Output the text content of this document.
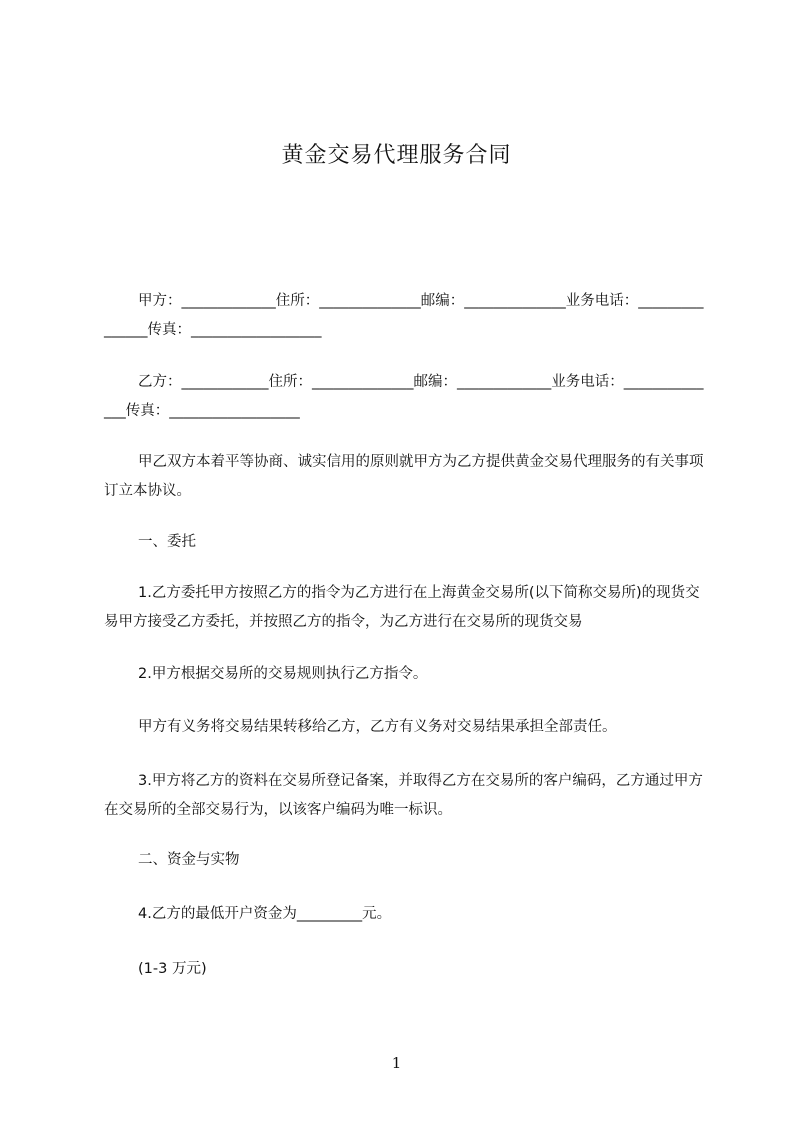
黄金交易代理服务合同
甲方：_____________住所：__​____________邮编：______________业务电话：_______________传真：__________________
乙方：____________住所：______________邮编：_____________业务电话：______________传真：__________________
甲乙双方本着平等协商、诚实信用的原则就甲方为乙方提供黄金交易代理服务的有关事项订立本协议。
一、委托
1.乙方委托甲方按照乙方的指令为乙方进行在上海黄金交易所(以下简称交易所)的现货交易甲方接受乙方委托，并按照乙方的指令，为乙方进行在交易所的现货交易
2.甲方根据交易所的交易规则执行乙方指令。
甲方有义务将交易结果转移给乙方，乙方有义务对交易结果承担全部责任。
3.甲方将乙方的资料在交易所登记备案，并取得乙方在交易所的客户编码，乙方通过甲方在交易所的全部交易行为，以该客户编码为唯一标识。
二、资金与实物
4.乙方的最低开户资金为_________元。
(1-3 万元)
1
